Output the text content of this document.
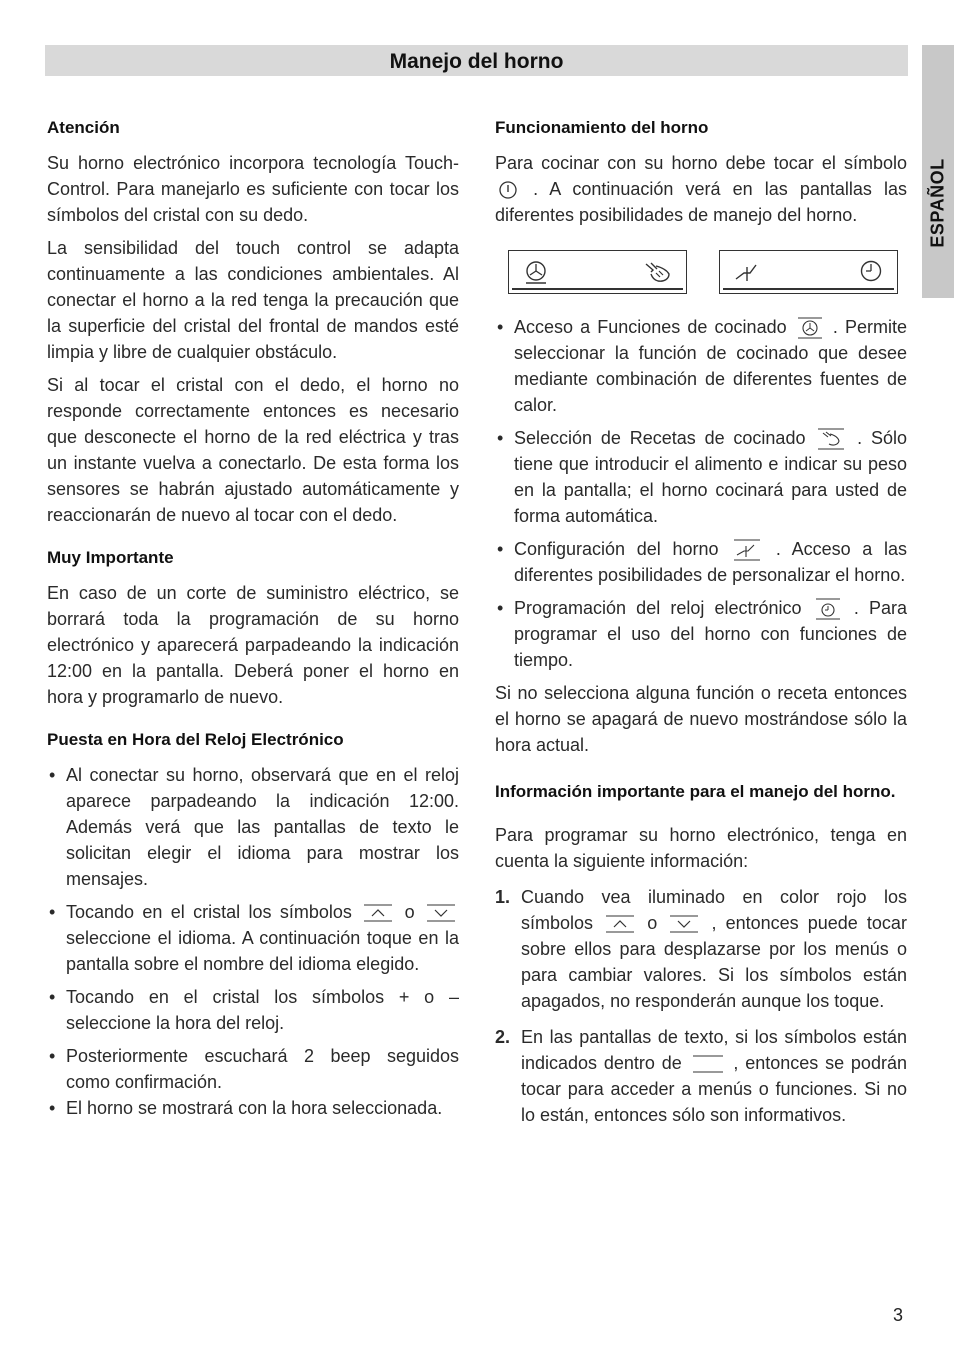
Manejo del horno
ESPAÑOL
Atención

Su horno electrónico incorpora tecnología Touch-Control. Para manejarlo es suficiente con tocar los símbolos del cristal con su dedo.

La sensibilidad del touch control se adapta continuamente a las condiciones ambientales. Al conectar el horno a la red tenga la precaución que la superficie del cristal del frontal de mandos esté limpia y libre de cualquier obstáculo.

Si al tocar el cristal con el dedo, el horno no responde correctamente entonces es necesario que desconecte el horno de la red eléctrica y tras un instante vuelva a conectarlo. De esta forma los sensores se habrán ajustado automáticamente y reaccionarán de nuevo al tocar con el dedo.

Muy Importante

En caso de un corte de suministro eléctrico, se borrará toda la programación de su horno electrónico y aparecerá parpadeando la indicación 12:00 en la pantalla. Deberá poner el horno en hora y programarlo de nuevo.

Puesta en Hora del Reloj Electrónico
• Al conectar su horno, observará que en el reloj aparece parpadeando la indicación 12:00. Además verá que las pantallas de texto le solicitan elegir el idioma para mostrar los mensajes.
• Tocando en el cristal los símbolos	o
seleccione el idioma. A continuación toque en la pantalla sobre el nombre del idioma elegido.
• Tocando en el cristal los símbolos + o – seleccione la hora del reloj.
• Posteriormente escuchará 2 beep seguidos como confirmación.
• El horno se mostrará con la hora seleccionada.
Funcionamiento del horno

Para cocinar con su horno debe tocar el símbolo
. A continuación verá en las pantallas las diferentes posibilidades de manejo del horno.

• Acceso a Funciones de cocinado	. Permite seleccionar la función de cocinado que desee mediante combinación de diferentes fuentes de calor.
• Selección de Recetas de cocinado	. Sólo tiene que introducir el alimento e indicar su peso en la pantalla; el horno cocinará para usted de forma automática.
• Configuración del horno	. Acceso a las diferentes posibilidades de personalizar el horno.
• Programación del reloj electrónico	. Para programar el uso del horno con funciones de tiempo.

Si no selecciona alguna función o receta entonces el horno se apagará de nuevo mostrándose sólo la hora actual.

Información importante para el manejo del horno.

Para programar su horno electrónico, tenga en cuenta la siguiente información:

1. Cuando vea iluminado en color rojo los símbolos	o	, entonces puede tocar sobre ellos para desplazarse por los menús o para cambiar valores. Si los símbolos están apagados, no responderán aunque los toque.
2. En las pantallas de texto, si los símbolos están indicados dentro de	, entonces se podrán tocar para acceder a menús o funciones. Si no lo están, entonces sólo son informativos.
3
